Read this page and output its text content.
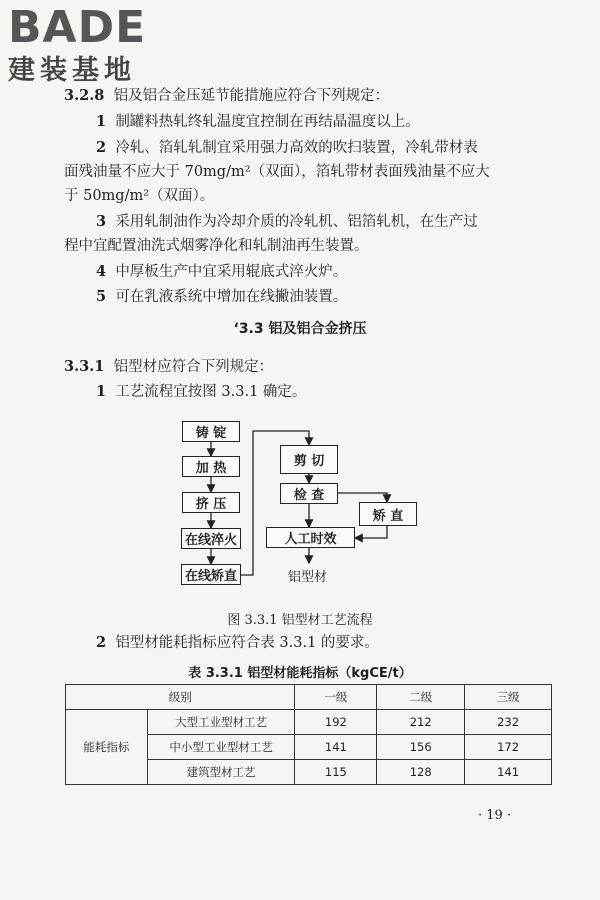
BADE
建装基地
3.2.8 铝及铝合金压延节能措施应符合下列规定：
1 制罐料热轧终轧温度宜控制在再结晶温度以上。
2 冷轧、箔轧轧制宜采用强力高效的吹扫装置，冷轧带材表
面残油量不应大于 70mg/m²（双面），箔轧带材表面残油量不应大
于 50mg/m²（双面）。
3 采用轧制油作为冷却介质的冷轧机、铝箔轧机，在生产过
程中宜配置油洗式烟雾净化和轧制油再生装置。
4 中厚板生产中宜采用辊底式淬火炉。
5 可在乳液系统中增加在线撇油装置。
‘3.3 铝及铝合金挤压
3.3.1 铝型材应符合下列规定：
1 工艺流程宜按图 3.3.1 确定。
铸 锭
加 热
挤 压
在线淬火
在线矫直
剪 切
检 查
矫 直
人工时效
铝型材
图 3.3.1 铝型材工艺流程
2 铝型材能耗指标应符合表 3.3.1 的要求。
表 3.3.1 铝型材能耗指标（kgCE/t）
级别		一级	二级	三级
能耗指标	大型工业型材工艺	192	212	232
	中小型工业型材工艺	141	156	172
	建筑型材工艺	115	128	141
· 19 ·
